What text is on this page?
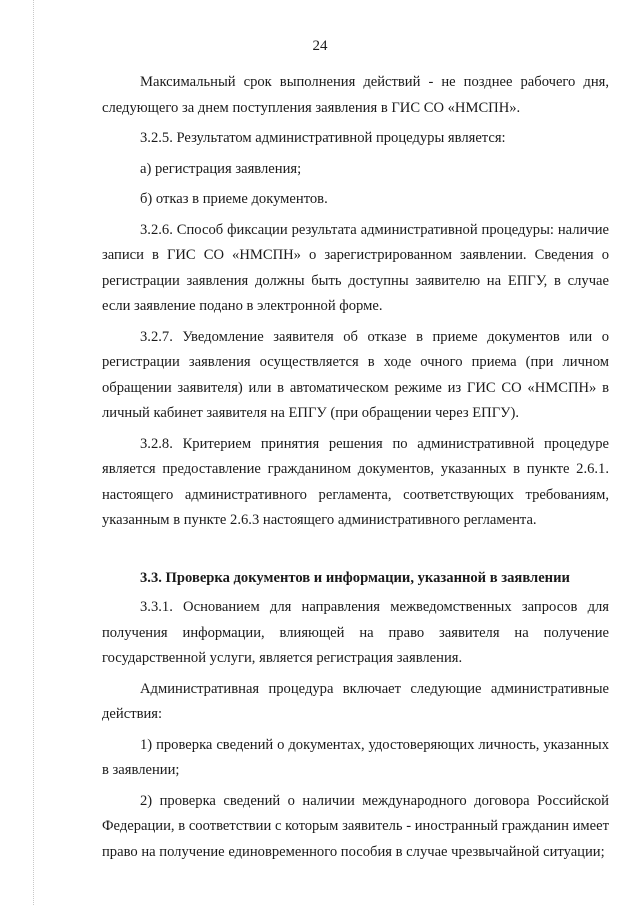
24

Максимальный срок выполнения действий - не позднее рабочего дня, следующего за днем поступления заявления в ГИС СО «НМСПН».

3.2.5. Результатом административной процедуры является:

а) регистрация заявления;

б) отказ в приеме документов.

3.2.6. Способ фиксации результата административной процедуры: наличие записи в ГИС СО «НМСПН» о зарегистрированном заявлении. Сведения о регистрации заявления должны быть доступны заявителю на ЕПГУ, в случае если заявление подано в электронной форме.

3.2.7. Уведомление заявителя об отказе в приеме документов или о регистрации заявления осуществляется в ходе очного приема (при личном обращении заявителя) или в автоматическом режиме из ГИС СО «НМСПН» в личный кабинет заявителя на ЕПГУ (при обращении через ЕПГУ).

3.2.8. Критерием принятия решения по административной процедуре является предоставление гражданином документов, указанных в пункте 2.6.1. настоящего административного регламента, соответствующих требованиям, указанным в пункте 2.6.3 настоящего административного регламента.

3.3. Проверка документов и информации, указанной в заявлении

3.3.1. Основанием для направления межведомственных запросов для получения информации, влияющей на право заявителя на получение государственной услуги, является регистрация заявления.

Административная процедура включает следующие административные действия:

1) проверка сведений о документах, удостоверяющих личность, указанных в заявлении;

2) проверка сведений о наличии международного договора Российской Федерации, в соответствии с которым заявитель - иностранный гражданин имеет право на получение единовременного пособия в случае чрезвычайной ситуации;
